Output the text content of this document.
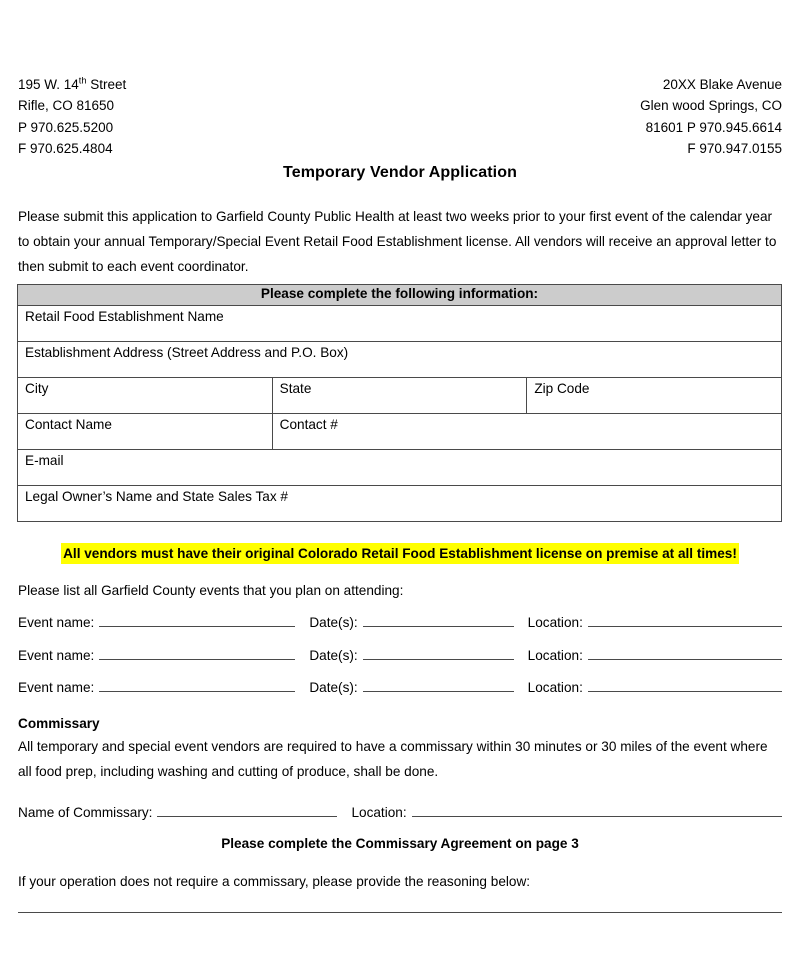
195 W. 14th Street
Rifle, CO 81650
P 970.625.5200
F 970.625.4804
20XX Blake Avenue
Glen wood Springs, CO
81601 P 970.945.6614
F 970.947.0155
Temporary Vendor Application
Please submit this application to Garfield County Public Health at least two weeks prior to your first event of the calendar year to obtain your annual Temporary/Special Event Retail Food Establishment license. All vendors will receive an approval letter to then submit to each event coordinator.
Please complete the following information:		
Retail Food Establishment Name		
Establishment Address (Street Address and P.O. Box)		
City	State	Zip Code
Contact Name	Contact #	
E-mail		
Legal Owner’s Name and State Sales Tax #		
All vendors must have their original Colorado Retail Food Establishment license on premise at all times!
Please list all Garfield County events that you plan on attending:
Event name:	Date(s):	Location:
Event name:	Date(s):	Location:
Event name:	Date(s):	Location:
Commissary
All temporary and special event vendors are required to have a commissary within 30 minutes or 30 miles of the event where all food prep, including washing and cutting of produce, shall be done.
Name of Commissary:	Location:
Please complete the Commissary Agreement on page 3
If your operation does not require a commissary, please provide the reasoning below:
